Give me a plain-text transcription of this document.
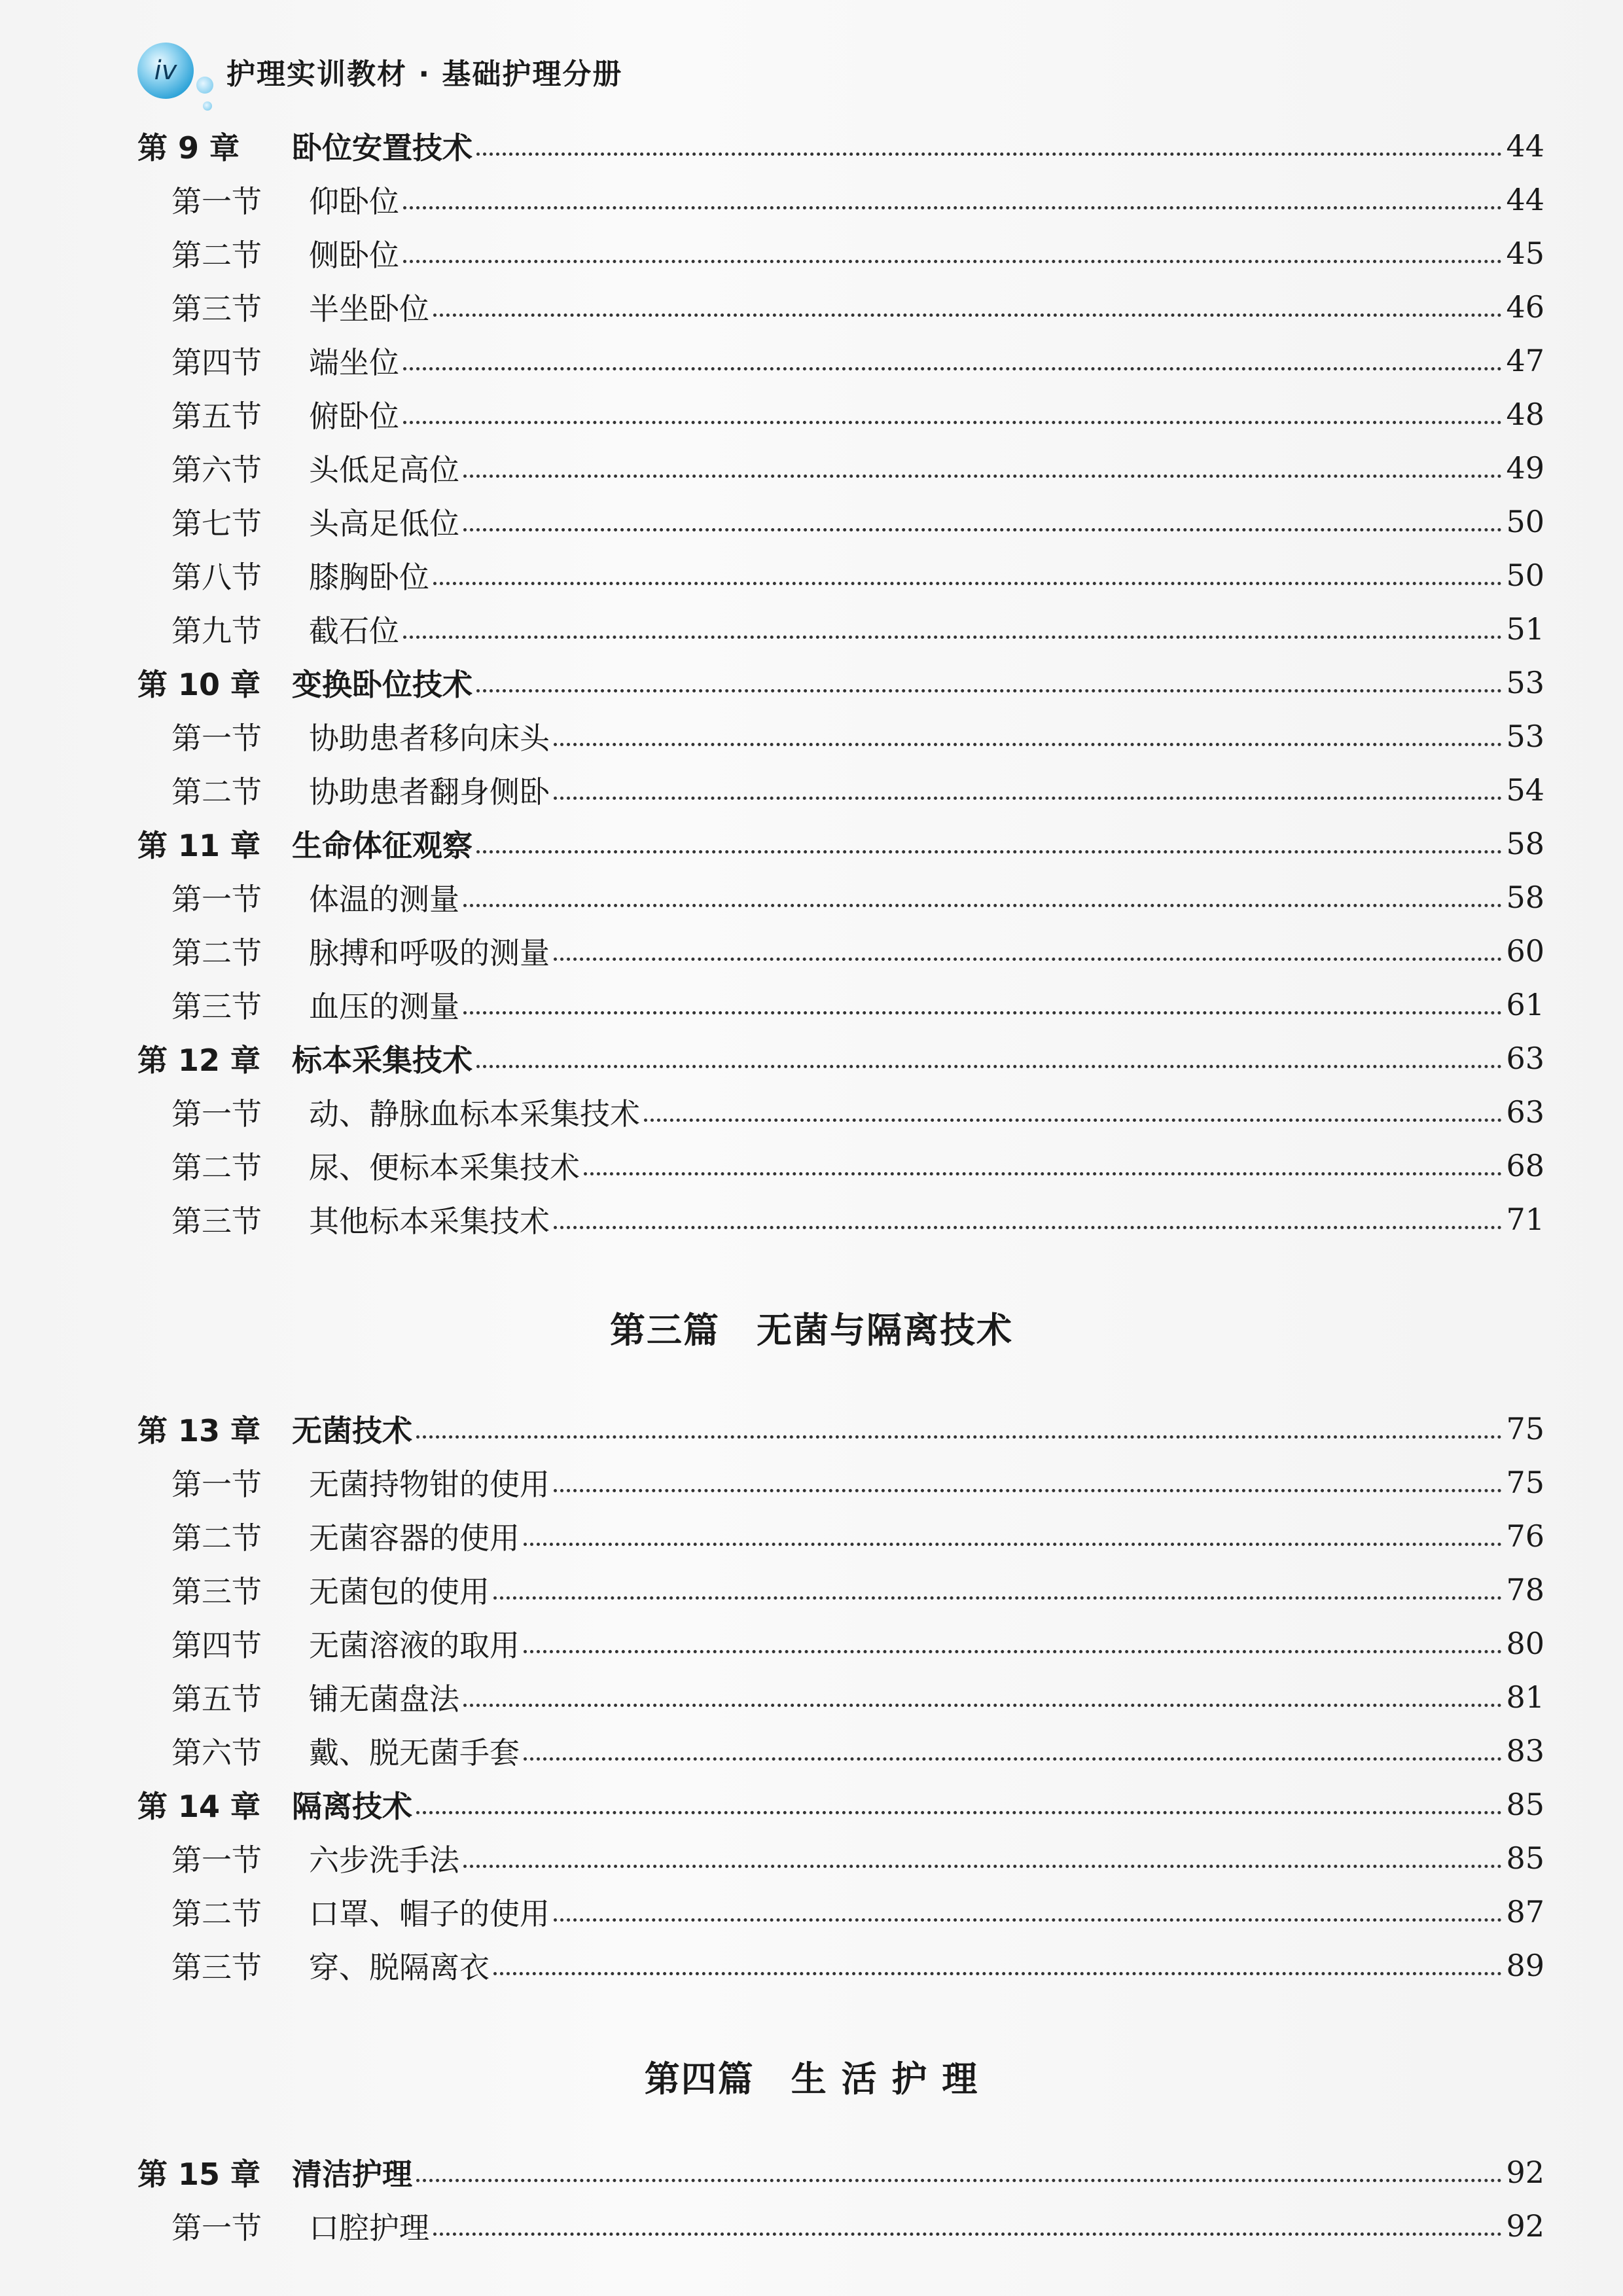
iv	护理实训教材 · 基础护理分册
第 9 章	卧位安置技术	44
第一节	仰卧位	44
第二节	侧卧位	45
第三节	半坐卧位	46
第四节	端坐位	47
第五节	俯卧位	48
第六节	头低足高位	49
第七节	头高足低位	50
第八节	膝胸卧位	50
第九节	截石位	51
第 10 章	变换卧位技术	53
第一节	协助患者移向床头	53
第二节	协助患者翻身侧卧	54
第 11 章	生命体征观察	58
第一节	体温的测量	58
第二节	脉搏和呼吸的测量	60
第三节	血压的测量	61
第 12 章	标本采集技术	63
第一节	动、静脉血标本采集技术	63
第二节	尿、便标本采集技术	68
第三节	其他标本采集技术	71
第三篇　无菌与隔离技术
第 13 章	无菌技术	75
第一节	无菌持物钳的使用	75
第二节	无菌容器的使用	76
第三节	无菌包的使用	78
第四节	无菌溶液的取用	80
第五节	铺无菌盘法	81
第六节	戴、脱无菌手套	83
第 14 章	隔离技术	85
第一节	六步洗手法	85
第二节	口罩、帽子的使用	87
第三节	穿、脱隔离衣	89
第四篇　生 活 护 理
第 15 章	清洁护理	92
第一节	口腔护理	92
